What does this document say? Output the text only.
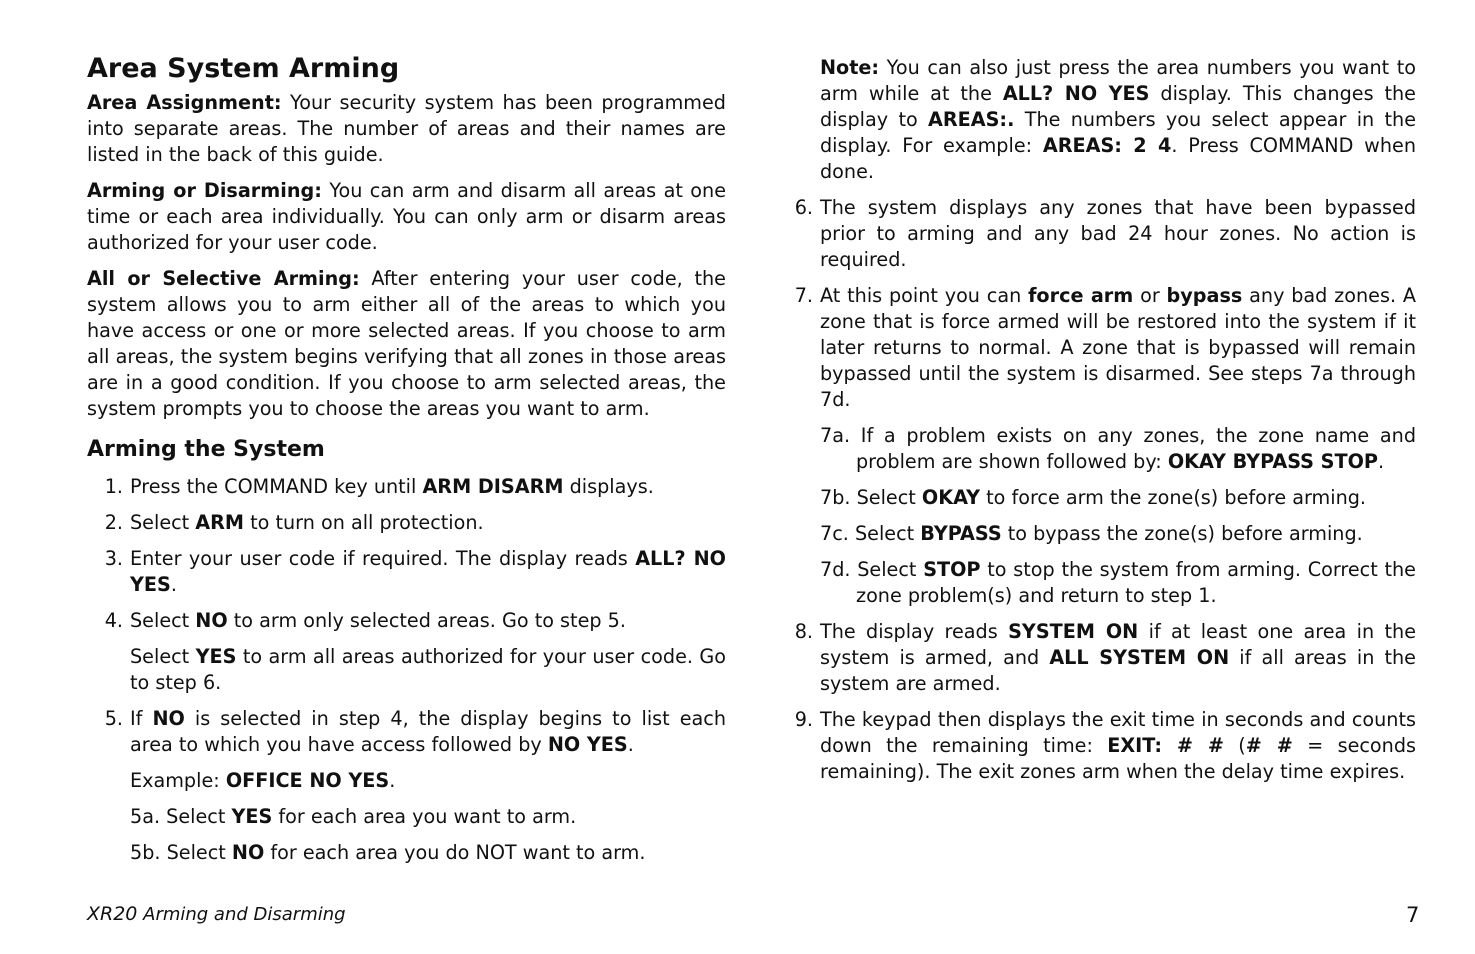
Area System Arming

Area Assignment: Your security system has been programmed into separate areas. The number of areas and their names are listed in the back of this guide.

Arming or Disarming: You can arm and disarm all areas at one time or each area individually. You can only arm or disarm areas authorized for your user code.

All or Selective Arming: After entering your user code, the system allows you to arm either all of the areas to which you have access or one or more selected areas. If you choose to arm all areas, the system begins verifying that all zones in those areas are in a good condition. If you choose to arm selected areas, the system prompts you to choose the areas you want to arm.

Arming the System
1. Press the COMMAND key until ARM DISARM displays.
2. Select ARM to turn on all protection.
3. Enter your user code if required. The display reads ALL? NO YES.
4. Select NO to arm only selected areas. Go to step 5.
Select YES to arm all areas authorized for your user code. Go to step 6.
5. If NO is selected in step 4, the display begins to list each area to which you have access followed by NO YES.
Example: OFFICE NO YES.
5a. Select YES for each area you want to arm.
5b. Select NO for each area you do NOT want to arm.
Note: You can also just press the area numbers you want to arm while at the ALL? NO YES display. This changes the display to AREAS:. The numbers you select appear in the display. For example: AREAS: 2 4. Press COMMAND when done.
6. The system displays any zones that have been bypassed prior to arming and any bad 24 hour zones. No action is required.
7. At this point you can force arm or bypass any bad zones. A zone that is force armed will be restored into the system if it later returns to normal. A zone that is bypassed will remain bypassed until the system is disarmed. See steps 7a through 7d.
7a. If a problem exists on any zones, the zone name and problem are shown followed by: OKAY BYPASS STOP.
7b. Select OKAY to force arm the zone(s) before arming.
7c. Select BYPASS to bypass the zone(s) before arming.
7d. Select STOP to stop the system from arming. Correct the zone problem(s) and return to step 1.
8. The display reads SYSTEM ON if at least one area in the system is armed, and ALL SYSTEM ON if all areas in the system are armed.
9. The keypad then displays the exit time in seconds and counts down the remaining time: EXIT: # # (# # = seconds remaining). The exit zones arm when the delay time expires.
XR20 Arming and Disarming	7
